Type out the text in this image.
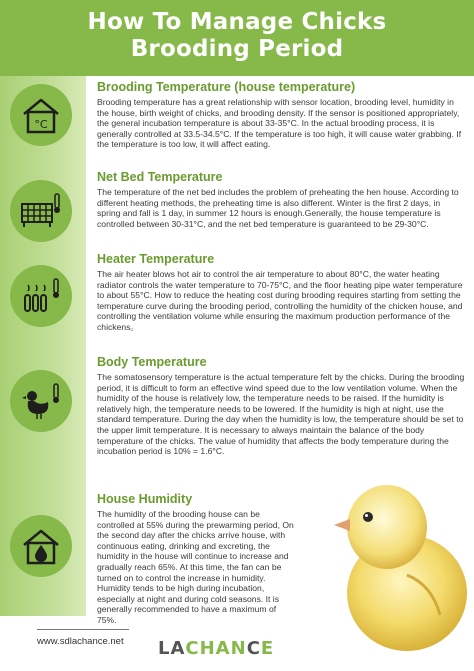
How To Manage Chicks
Brooding Period
°C
Brooding Temperature (house temperature)
Brooding temperature has a great relationship with sensor location, brooding level, humidity in the house, birth weight of chicks, and brooding density. If the sensor is positioned appropriately, the general incubation temperature is about 33-35°C. In the actual brooding process, it is generally controlled at 33.5-34.5°C. If the temperature is too high, it will cause water grabbing. If the temperature is too low, it will affect eating.
Net Bed Temperature
The temperature of the net bed includes the problem of preheating the hen house. According to different heating methods, the preheating time is also different. Winter is the first 2 days, in spring and fall is 1 day, in summer 12 hours is enough.Generally, the house temperature is controlled between 30-31°C, and the net bed temperature is guaranteed to be 29-30°C.
Heater Temperature
The air heater blows hot air to control the air temperature to about 80°C, the water heating radiator controls the water temperature to 70-75°C, and the floor heating pipe water temperature to about 55°C. How to reduce the heating cost during brooding requires starting from setting the temperature curve during the brooding period, controlling the humidity of the chicken house, and controlling the ventilation volume while ensuring the maximum production performance of the chickens。
Body Temperature
The somatosensory temperature is the actual temperature felt by the chicks. During the brooding period, it is difficult to form an effective wind speed due to the low ventilation volume. When the humidity of the house is relatively low, the temperature needs to be raised. If the humidity is relatively high, the temperature needs to be lowered. If the humidity is high at night, use the standard temperature. During the day when the humidity is low, the temperature should be set to the upper limit temperature. It is necessary to always maintain the balance of the body temperature of the chicks. The value of humidity that affects the body temperature during the incubation period is 10% = 1.6°C.
House Humidity
The humidity of the brooding house can be controlled at 55% during the prewarming period, On the second day after the chicks arrive house, with continuous eating, drinking and excreting, the humidity in the house will continue to increase and gradually reach 65%. At this time, the fan can be turned on to control the increase in humidity. Humidity tends to be high during incubation, especially at night and during cold seasons. It is generally recommended to have a maximum of 75%.
www.sdlachance.net LACHANCE
